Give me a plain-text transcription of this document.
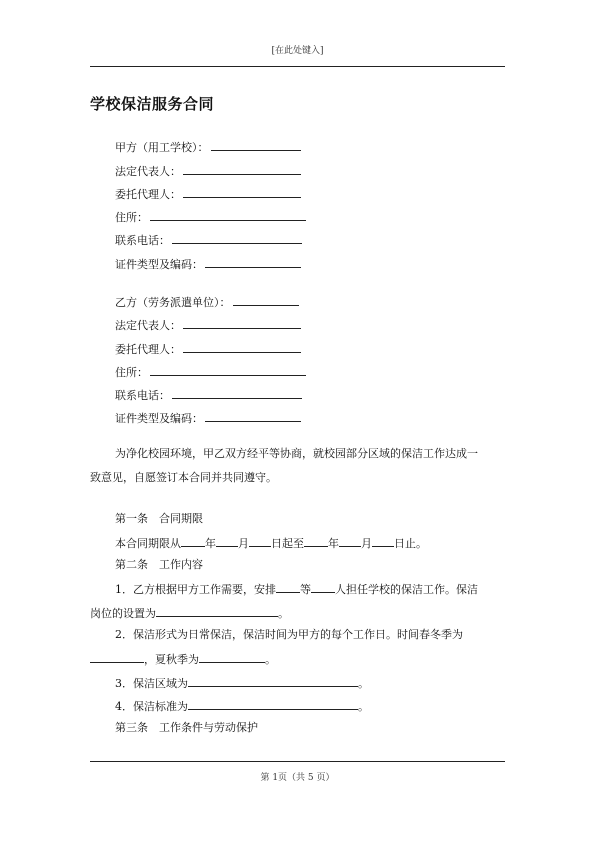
[在此处键入]
学校保洁服务合同
甲方（用工学校）：
法定代表人：
委托代理人：
住所：
联系电话：
证件类型及编码：
乙方（劳务派遣单位）：
法定代表人：
委托代理人：
住所：
联系电话：
证件类型及编码：
为净化校园环境，甲乙双方经平等协商，就校园部分区域的保洁工作达成一
致意见，自愿签订本合同并共同遵守。
第一条　合同期限
本合同期限从 年 月 日起至 年 月 日止。
第二条　工作内容
1．乙方根据甲方工作需要，安排 等 人担任学校的保洁工作。保洁
岗位的设置为	。
2．保洁形式为日常保洁，保洁时间为甲方的每个工作日。时间春冬季为
，夏秋季为	。
3．保洁区域为	。
4．保洁标准为	。
第三条　工作条件与劳动保护
第 1页（共 5 页）
